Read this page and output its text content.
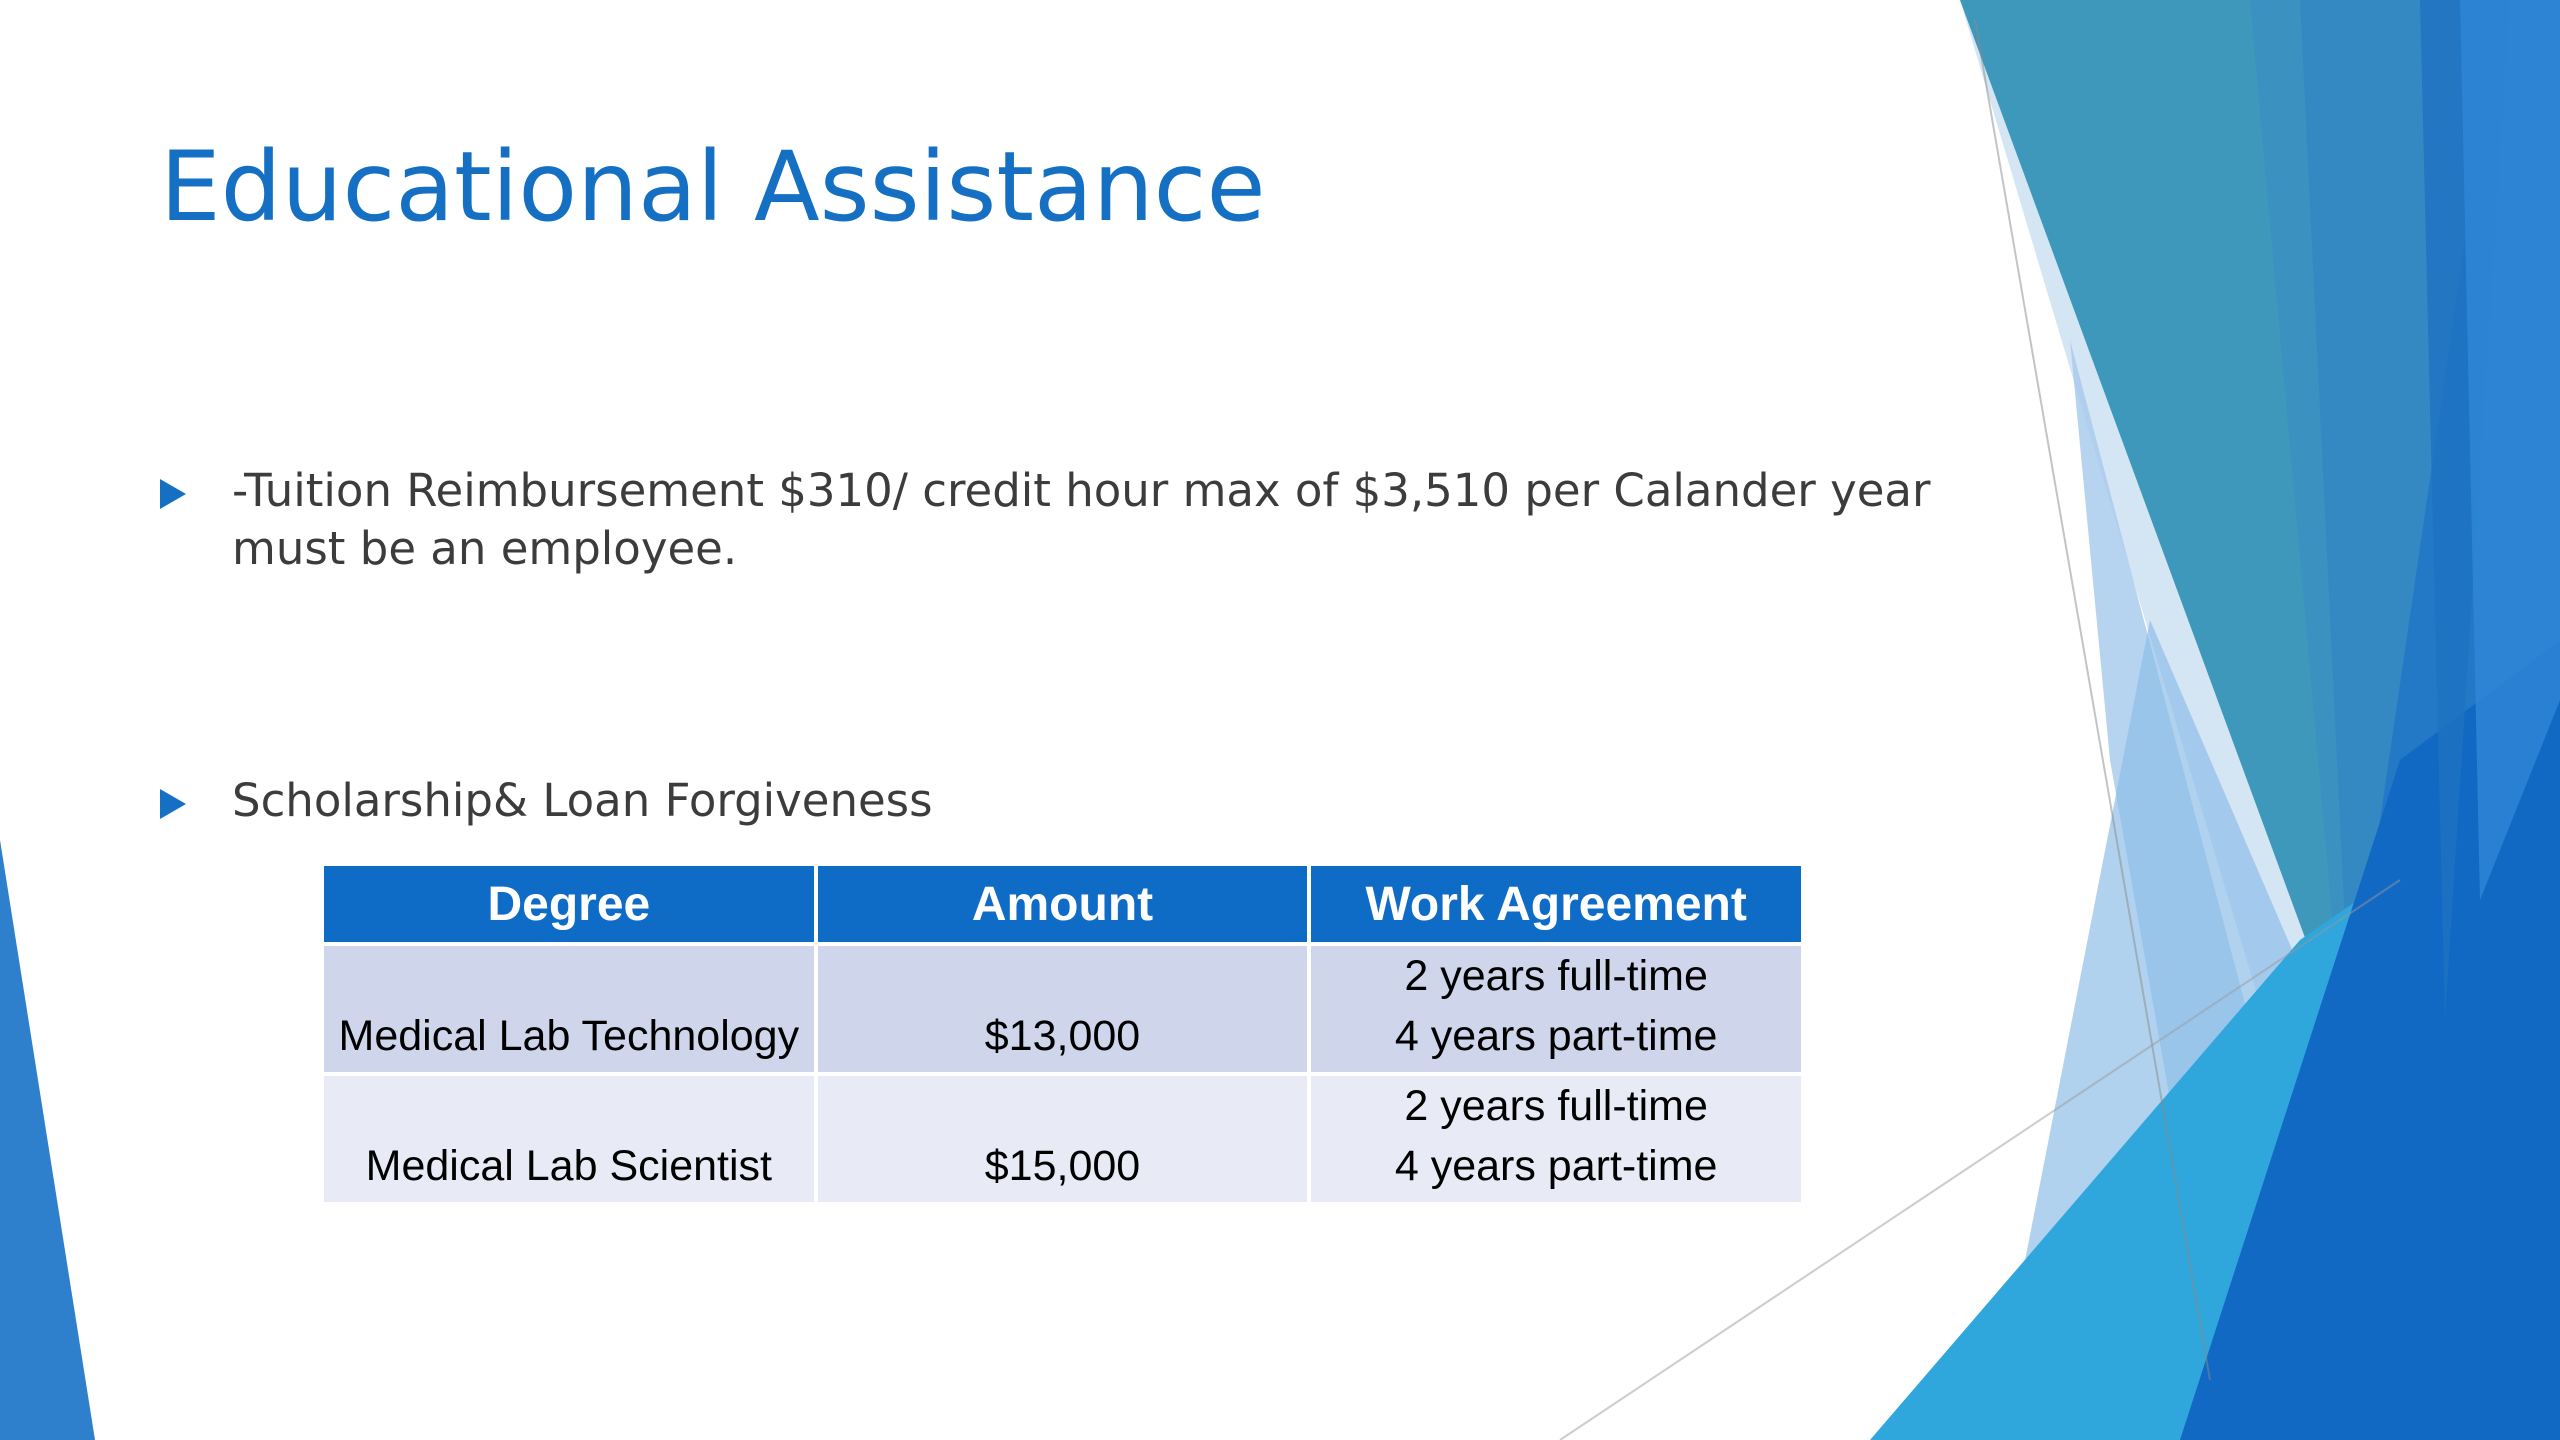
Educational Assistance
-Tuition Reimbursement $310/ credit hour max of $3,510 per Calander year must be an employee.
Scholarship& Loan Forgiveness
Degree	Amount	Work Agreement
Medical Lab Technology	$13,000	2 years full-time
4 years part-time

Medical Lab Scientist	$15,000	2 years full-time
4 years part-time
